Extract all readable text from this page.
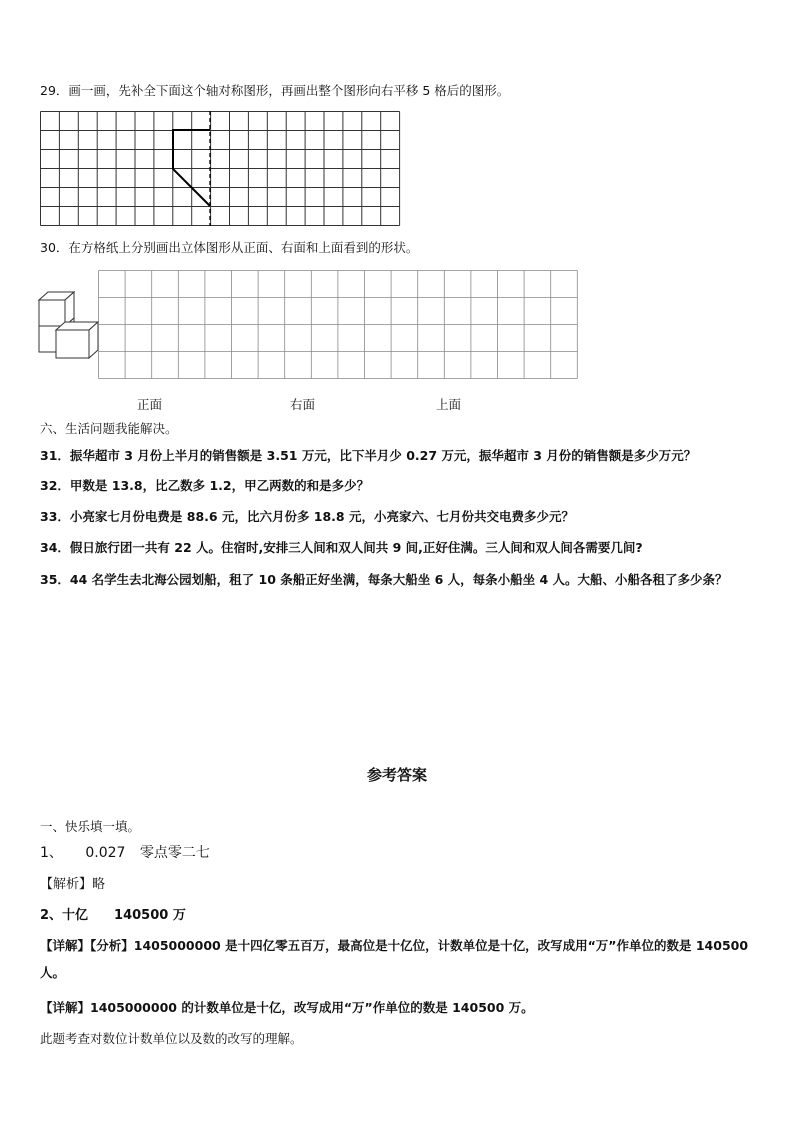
29．画一画，先补全下面这个轴对称图形，再画出整个图形向右平移 5 格后的图形。
30．在方格纸上分别画出立体图形从正面、右面和上面看到的形状。
正面	右面	上面
六、生活问题我能解决。
31．振华超市 3 月份上半月的销售额是 3.51 万元，比下半月少 0.27 万元，振华超市 3 月份的销售额是多少万元？
32．甲数是 13.8，比乙数多 1.2，甲乙两数的和是多少？
33．小亮家七月份电费是 88.6 元，比六月份多 18.8 元，小亮家六、七月份共交电费多少元？
34．假日旅行团一共有 22 人。住宿时,安排三人间和双人间共 9 间,正好住满。三人间和双人间各需要几间?
35．44 名学生去北海公园划船，租了 10 条船正好坐满，每条大船坐 6 人，每条小船坐 4 人。大船、小船各租了多少条？
参考答案
一、快乐填一填。
1、 0.027 零点零二七
【解析】略
2、十亿　　140500 万
【详解】【分析】1405000000 是十四亿零五百万，最高位是十亿位，计数单位是十亿，改写成用“万”作单位的数是 140500 人。
【详解】1405000000 的计数单位是十亿，改写成用“万”作单位的数是 140500 万。
此题考查对数位计数单位以及数的改写的理解。
